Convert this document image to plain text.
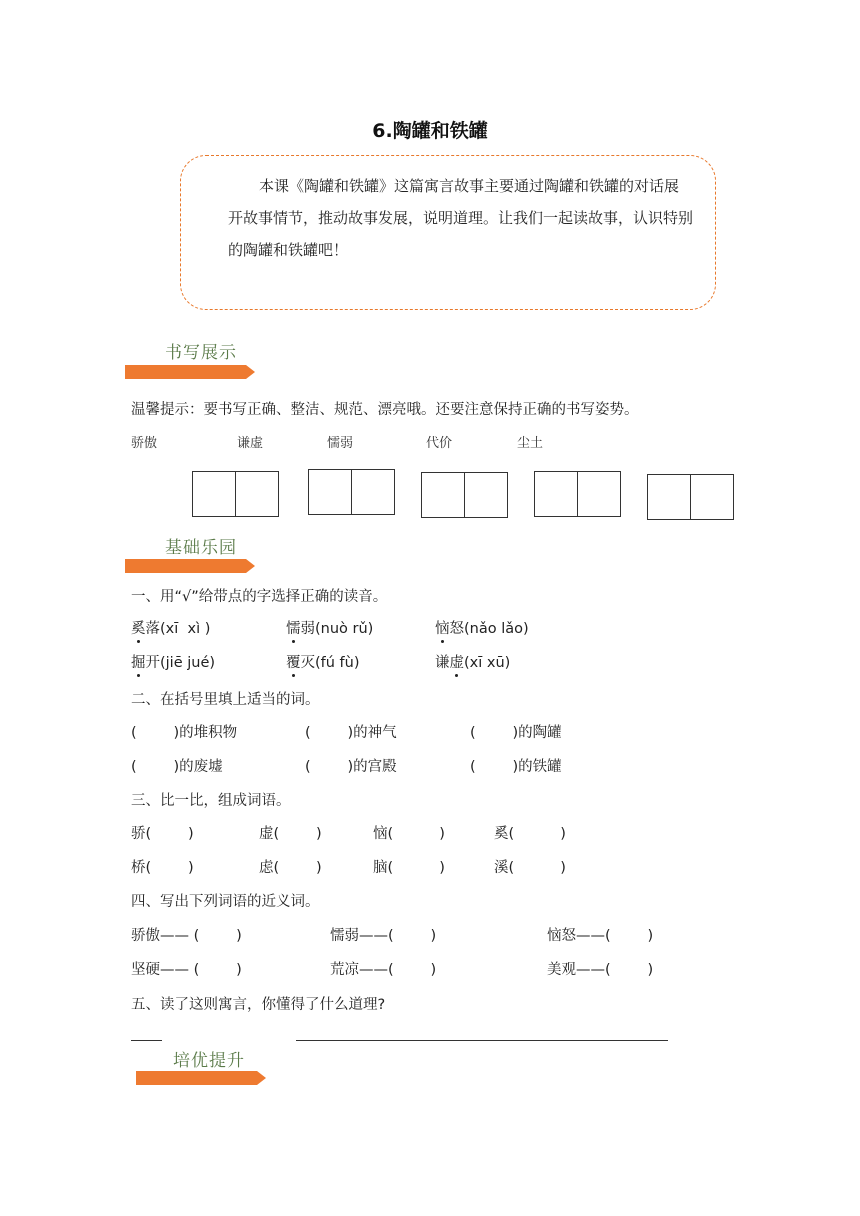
6.陶罐和铁罐
本课《陶罐和铁罐》这篇寓言故事主要通过陶罐和铁罐的对话展开故事情节，推动故事发展，说明道理。让我们一起读故事，认识特别的陶罐和铁罐吧！
书写展示
温馨提示：要书写正确、整洁、规范、漂亮哦。还要注意保持正确的书写姿势。
骄傲	谦虚	懦弱	代价	尘土
基础乐园
一、用“√”给带点的字选择正确的读音。
奚落(xī  xì )	懦弱(nuò rǔ)	恼怒(nǎo lǎo)
掘开(jiē jué)	覆灭(fú fù)	谦虚(xī xū)
二、在括号里填上适当的词。
(        )的堆积物	(        )的神气	(        )的陶罐
(        )的废墟	(        )的宫殿	(        )的铁罐
三、比一比，组成词语。
骄(        )	虚(        )	恼(          )	奚(          )
桥(        )	虑(        )	脑(          )	溪(          )
四、写出下列词语的近义词。
骄傲—— (        )	懦弱——(        )	恼怒——(        )
坚硬—— (        )	荒凉——(        )	美观——(        )
五、读了这则寓言，你懂得了什么道理?
培优提升
